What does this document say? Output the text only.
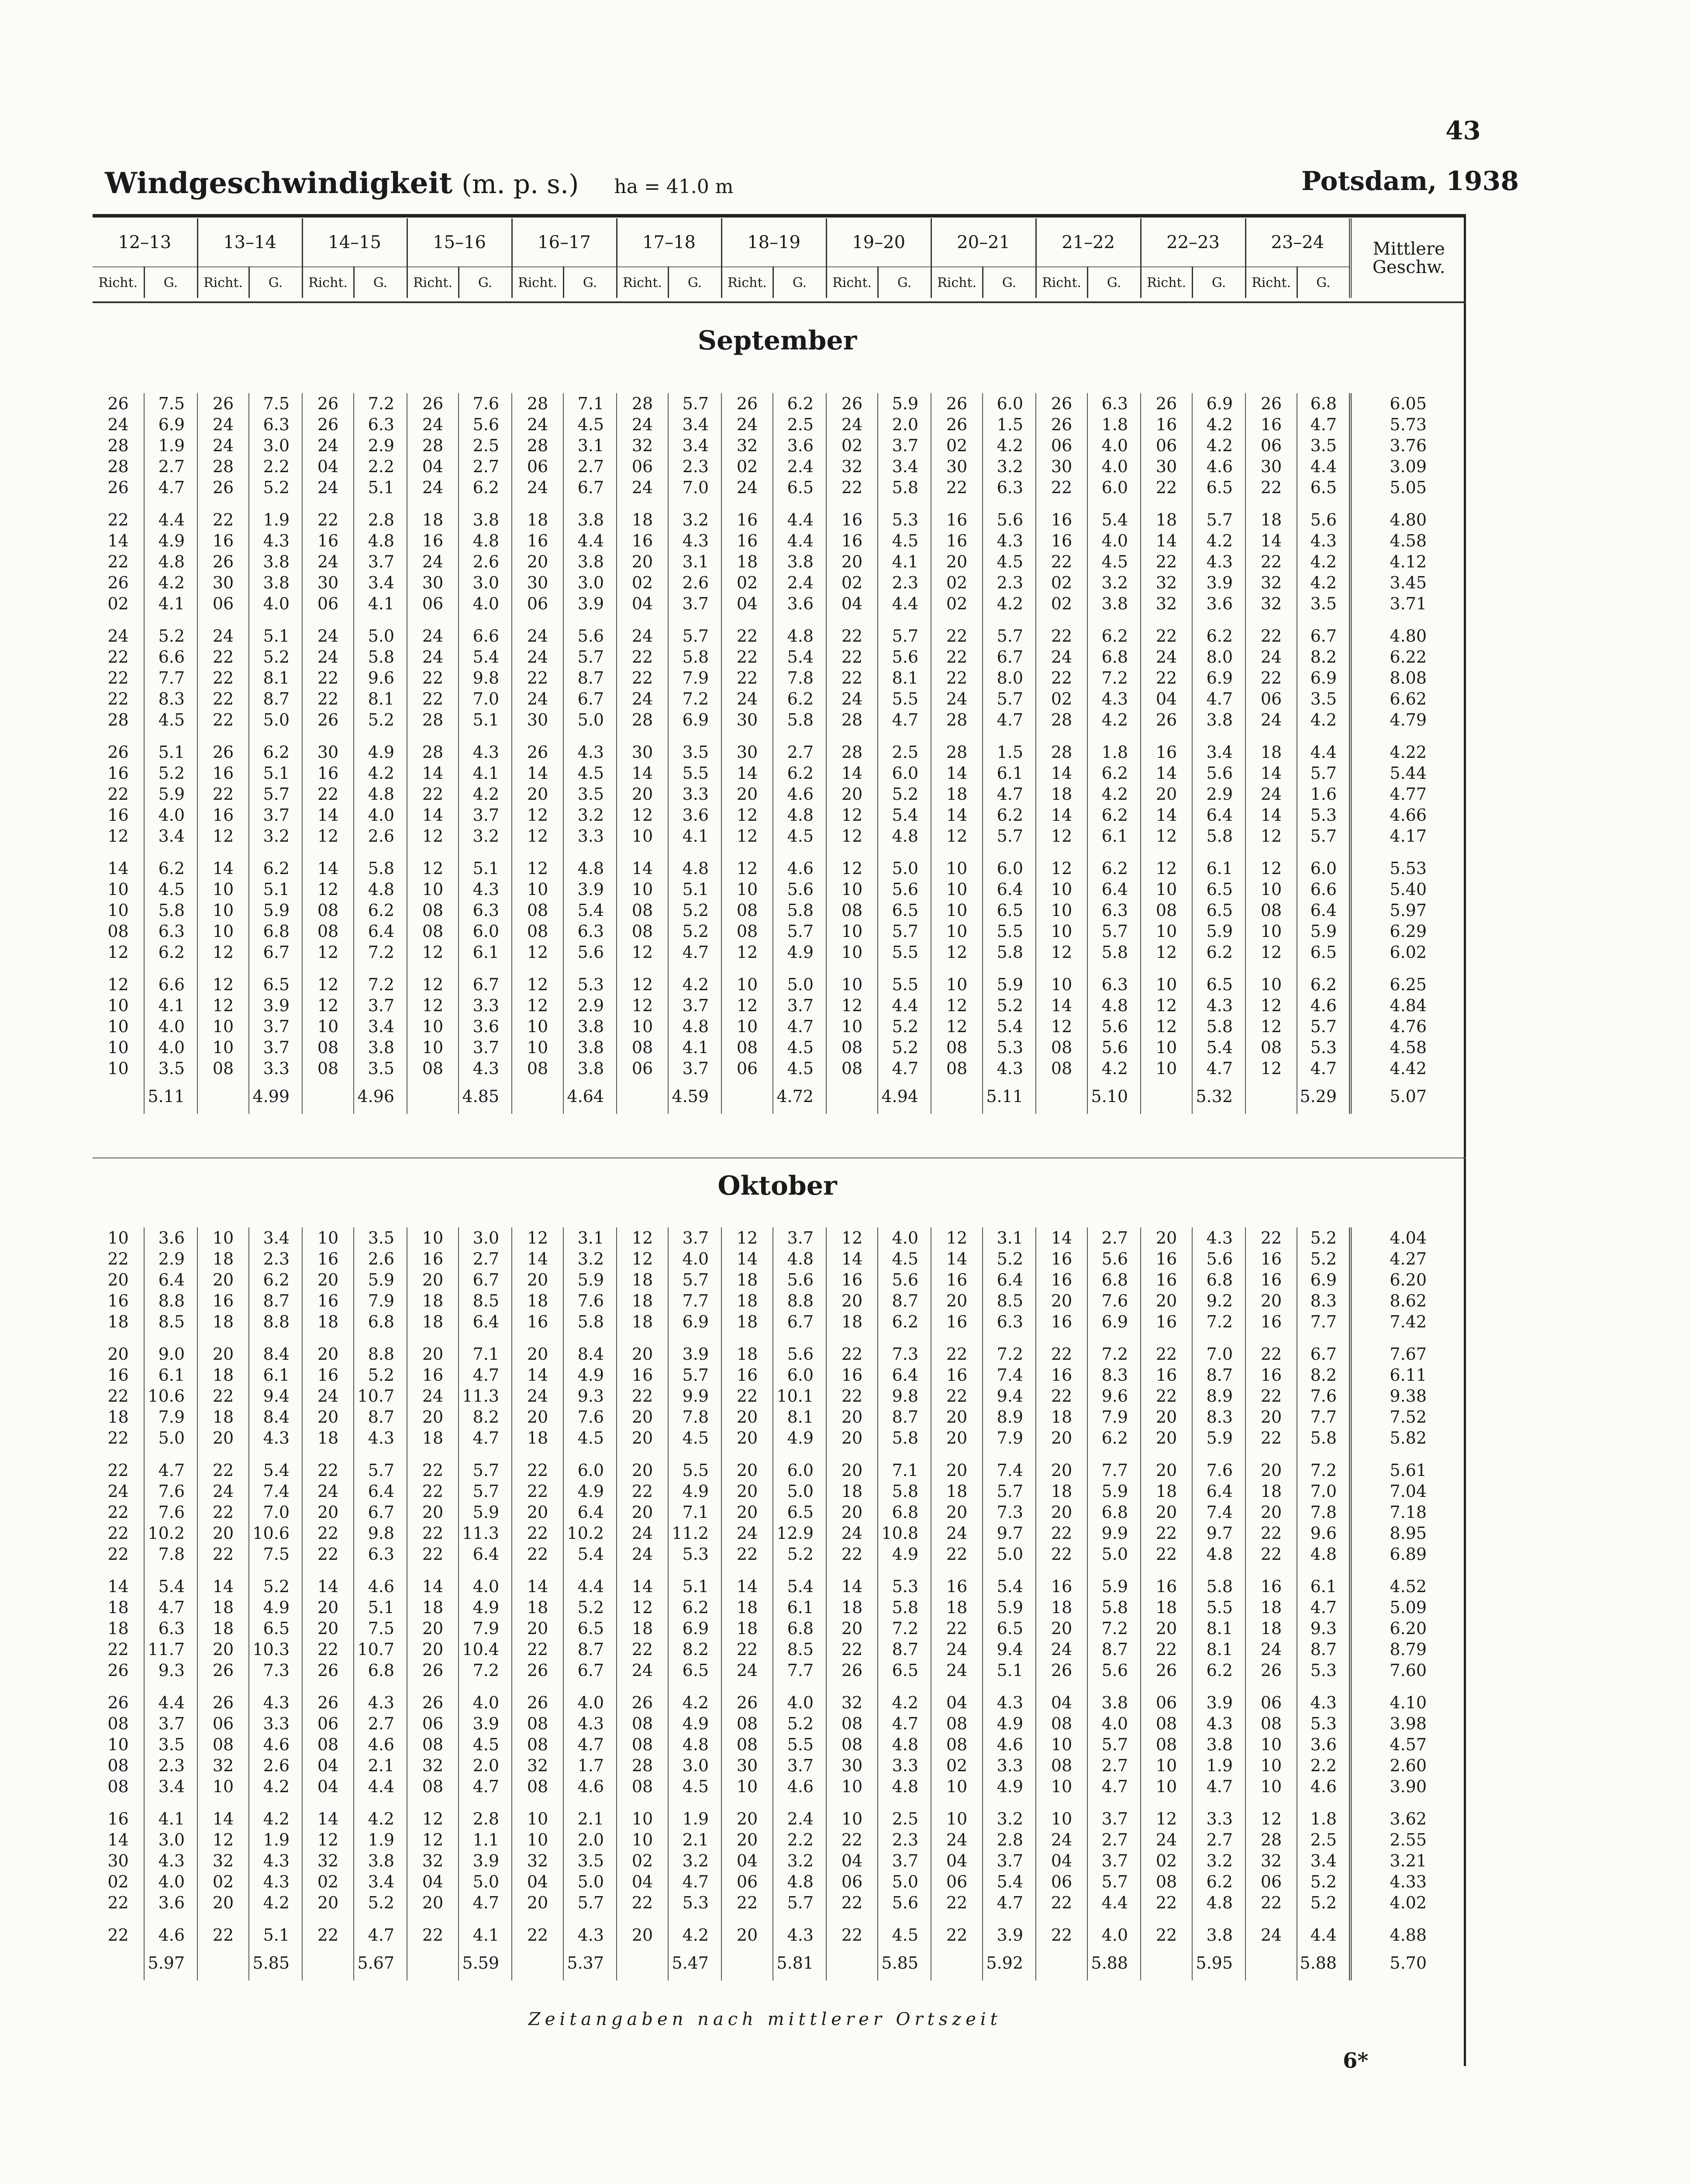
43
Windgeschwindigkeit (m. p. s.) ha = 41.0 m	Potsdam, 1938
12–13		13–14		14–15		15–16		16–17		17–18		18–19		19–20		20–21		21–22		22–23		23–24		Mittlere Geschw.
Richt.	G.	Richt.	G.	Richt.	G.	Richt.	G.	Richt.	G.	Richt.	G.	Richt.	G.	Richt.	G.	Richt.	G.	Richt.	G.	Richt.	G.	Richt.	G.	
September
26	7.5	26	7.5	26	7.2	26	7.6	28	7.1	28	5.7	26	6.2	26	5.9	26	6.0	26	6.3	26	6.9	26	6.8	6.05
24	6.9	24	6.3	26	6.3	24	5.6	24	4.5	24	3.4	24	2.5	24	2.0	26	1.5	26	1.8	16	4.2	16	4.7	5.73
28	1.9	24	3.0	24	2.9	28	2.5	28	3.1	32	3.4	32	3.6	02	3.7	02	4.2	06	4.0	06	4.2	06	3.5	3.76
28	2.7	28	2.2	04	2.2	04	2.7	06	2.7	06	2.3	02	2.4	32	3.4	30	3.2	30	4.0	30	4.6	30	4.4	3.09
26	4.7	26	5.2	24	5.1	24	6.2	24	6.7	24	7.0	24	6.5	22	5.8	22	6.3	22	6.0	22	6.5	22	6.5	5.05

22	4.4	22	1.9	22	2.8	18	3.8	18	3.8	18	3.2	16	4.4	16	5.3	16	5.6	16	5.4	18	5.7	18	5.6	4.80
14	4.9	16	4.3	16	4.8	16	4.8	16	4.4	16	4.3	16	4.4	16	4.5	16	4.3	16	4.0	14	4.2	14	4.3	4.58
22	4.8	26	3.8	24	3.7	24	2.6	20	3.8	20	3.1	18	3.8	20	4.1	20	4.5	22	4.5	22	4.3	22	4.2	4.12
26	4.2	30	3.8	30	3.4	30	3.0	30	3.0	02	2.6	02	2.4	02	2.3	02	2.3	02	3.2	32	3.9	32	4.2	3.45
02	4.1	06	4.0	06	4.1	06	4.0	06	3.9	04	3.7	04	3.6	04	4.4	02	4.2	02	3.8	32	3.6	32	3.5	3.71

24	5.2	24	5.1	24	5.0	24	6.6	24	5.6	24	5.7	22	4.8	22	5.7	22	5.7	22	6.2	22	6.2	22	6.7	4.80
22	6.6	22	5.2	24	5.8	24	5.4	24	5.7	22	5.8	22	5.4	22	5.6	22	6.7	24	6.8	24	8.0	24	8.2	6.22
22	7.7	22	8.1	22	9.6	22	9.8	22	8.7	22	7.9	22	7.8	22	8.1	22	8.0	22	7.2	22	6.9	22	6.9	8.08
22	8.3	22	8.7	22	8.1	22	7.0	24	6.7	24	7.2	24	6.2	24	5.5	24	5.7	02	4.3	04	4.7	06	3.5	6.62
28	4.5	22	5.0	26	5.2	28	5.1	30	5.0	28	6.9	30	5.8	28	4.7	28	4.7	28	4.2	26	3.8	24	4.2	4.79

26	5.1	26	6.2	30	4.9	28	4.3	26	4.3	30	3.5	30	2.7	28	2.5	28	1.5	28	1.8	16	3.4	18	4.4	4.22
16	5.2	16	5.1	16	4.2	14	4.1	14	4.5	14	5.5	14	6.2	14	6.0	14	6.1	14	6.2	14	5.6	14	5.7	5.44
22	5.9	22	5.7	22	4.8	22	4.2	20	3.5	20	3.3	20	4.6	20	5.2	18	4.7	18	4.2	20	2.9	24	1.6	4.77
16	4.0	16	3.7	14	4.0	14	3.7	12	3.2	12	3.6	12	4.8	12	5.4	14	6.2	14	6.2	14	6.4	14	5.3	4.66
12	3.4	12	3.2	12	2.6	12	3.2	12	3.3	10	4.1	12	4.5	12	4.8	12	5.7	12	6.1	12	5.8	12	5.7	4.17

14	6.2	14	6.2	14	5.8	12	5.1	12	4.8	14	4.8	12	4.6	12	5.0	10	6.0	12	6.2	12	6.1	12	6.0	5.53
10	4.5	10	5.1	12	4.8	10	4.3	10	3.9	10	5.1	10	5.6	10	5.6	10	6.4	10	6.4	10	6.5	10	6.6	5.40
10	5.8	10	5.9	08	6.2	08	6.3	08	5.4	08	5.2	08	5.8	08	6.5	10	6.5	10	6.3	08	6.5	08	6.4	5.97
08	6.3	10	6.8	08	6.4	08	6.0	08	6.3	08	5.2	08	5.7	10	5.7	10	5.5	10	5.7	10	5.9	10	5.9	6.29
12	6.2	12	6.7	12	7.2	12	6.1	12	5.6	12	4.7	12	4.9	10	5.5	12	5.8	12	5.8	12	6.2	12	6.5	6.02

12	6.6	12	6.5	12	7.2	12	6.7	12	5.3	12	4.2	10	5.0	10	5.5	10	5.9	10	6.3	10	6.5	10	6.2	6.25
10	4.1	12	3.9	12	3.7	12	3.3	12	2.9	12	3.7	12	3.7	12	4.4	12	5.2	14	4.8	12	4.3	12	4.6	4.84
10	4.0	10	3.7	10	3.4	10	3.6	10	3.8	10	4.8	10	4.7	10	5.2	12	5.4	12	5.6	12	5.8	12	5.7	4.76
10	4.0	10	3.7	08	3.8	10	3.7	10	3.8	08	4.1	08	4.5	08	5.2	08	5.3	08	5.6	10	5.4	08	5.3	4.58
10	3.5	08	3.3	08	3.5	08	4.3	08	3.8	06	3.7	06	4.5	08	4.7	08	4.3	08	4.2	10	4.7	12	4.7	4.42
	5.11		4.99		4.96		4.85		4.64		4.59		4.72		4.94		5.11		5.10		5.32		5.29	5.07
Oktober
10	3.6	10	3.4	10	3.5	10	3.0	12	3.1	12	3.7	12	3.7	12	4.0	12	3.1	14	2.7	20	4.3	22	5.2	4.04
22	2.9	18	2.3	16	2.6	16	2.7	14	3.2	12	4.0	14	4.8	14	4.5	14	5.2	16	5.6	16	5.6	16	5.2	4.27
20	6.4	20	6.2	20	5.9	20	6.7	20	5.9	18	5.7	18	5.6	16	5.6	16	6.4	16	6.8	16	6.8	16	6.9	6.20
16	8.8	16	8.7	16	7.9	18	8.5	18	7.6	18	7.7	18	8.8	20	8.7	20	8.5	20	7.6	20	9.2	20	8.3	8.62
18	8.5	18	8.8	18	6.8	18	6.4	16	5.8	18	6.9	18	6.7	18	6.2	16	6.3	16	6.9	16	7.2	16	7.7	7.42

20	9.0	20	8.4	20	8.8	20	7.1	20	8.4	20	3.9	18	5.6	22	7.3	22	7.2	22	7.2	22	7.0	22	6.7	7.67
16	6.1	18	6.1	16	5.2	16	4.7	14	4.9	16	5.7	16	6.0	16	6.4	16	7.4	16	8.3	16	8.7	16	8.2	6.11
22	10.6	22	9.4	24	10.7	24	11.3	24	9.3	22	9.9	22	10.1	22	9.8	22	9.4	22	9.6	22	8.9	22	7.6	9.38
18	7.9	18	8.4	20	8.7	20	8.2	20	7.6	20	7.8	20	8.1	20	8.7	20	8.9	18	7.9	20	8.3	20	7.7	7.52
22	5.0	20	4.3	18	4.3	18	4.7	18	4.5	20	4.5	20	4.9	20	5.8	20	7.9	20	6.2	20	5.9	22	5.8	5.82

22	4.7	22	5.4	22	5.7	22	5.7	22	6.0	20	5.5	20	6.0	20	7.1	20	7.4	20	7.7	20	7.6	20	7.2	5.61
24	7.6	24	7.4	24	6.4	22	5.7	22	4.9	22	4.9	20	5.0	18	5.8	18	5.7	18	5.9	18	6.4	18	7.0	7.04
22	7.6	22	7.0	20	6.7	20	5.9	20	6.4	20	7.1	20	6.5	20	6.8	20	7.3	20	6.8	20	7.4	20	7.8	7.18
22	10.2	20	10.6	22	9.8	22	11.3	22	10.2	24	11.2	24	12.9	24	10.8	24	9.7	22	9.9	22	9.7	22	9.6	8.95
22	7.8	22	7.5	22	6.3	22	6.4	22	5.4	24	5.3	22	5.2	22	4.9	22	5.0	22	5.0	22	4.8	22	4.8	6.89

14	5.4	14	5.2	14	4.6	14	4.0	14	4.4	14	5.1	14	5.4	14	5.3	16	5.4	16	5.9	16	5.8	16	6.1	4.52
18	4.7	18	4.9	20	5.1	18	4.9	18	5.2	12	6.2	18	6.1	18	5.8	18	5.9	18	5.8	18	5.5	18	4.7	5.09
18	6.3	18	6.5	20	7.5	20	7.9	20	6.5	18	6.9	18	6.8	20	7.2	22	6.5	20	7.2	20	8.1	18	9.3	6.20
22	11.7	20	10.3	22	10.7	20	10.4	22	8.7	22	8.2	22	8.5	22	8.7	24	9.4	24	8.7	22	8.1	24	8.7	8.79
26	9.3	26	7.3	26	6.8	26	7.2	26	6.7	24	6.5	24	7.7	26	6.5	24	5.1	26	5.6	26	6.2	26	5.3	7.60

26	4.4	26	4.3	26	4.3	26	4.0	26	4.0	26	4.2	26	4.0	32	4.2	04	4.3	04	3.8	06	3.9	06	4.3	4.10
08	3.7	06	3.3	06	2.7	06	3.9	08	4.3	08	4.9	08	5.2	08	4.7	08	4.9	08	4.0	08	4.3	08	5.3	3.98
10	3.5	08	4.6	08	4.6	08	4.5	08	4.7	08	4.8	08	5.5	08	4.8	08	4.6	10	5.7	08	3.8	10	3.6	4.57
08	2.3	32	2.6	04	2.1	32	2.0	32	1.7	28	3.0	30	3.7	30	3.3	02	3.3	08	2.7	10	1.9	10	2.2	2.60
08	3.4	10	4.2	04	4.4	08	4.7	08	4.6	08	4.5	10	4.6	10	4.8	10	4.9	10	4.7	10	4.7	10	4.6	3.90

16	4.1	14	4.2	14	4.2	12	2.8	10	2.1	10	1.9	20	2.4	10	2.5	10	3.2	10	3.7	12	3.3	12	1.8	3.62
14	3.0	12	1.9	12	1.9	12	1.1	10	2.0	10	2.1	20	2.2	22	2.3	24	2.8	24	2.7	24	2.7	28	2.5	2.55
30	4.3	32	4.3	32	3.8	32	3.9	32	3.5	02	3.2	04	3.2	04	3.7	04	3.7	04	3.7	02	3.2	32	3.4	3.21
02	4.0	02	4.3	02	3.4	04	5.0	04	5.0	04	4.7	06	4.8	06	5.0	06	5.4	06	5.7	08	6.2	06	5.2	4.33
22	3.6	20	4.2	20	5.2	20	4.7	20	5.7	22	5.3	22	5.7	22	5.6	22	4.7	22	4.4	22	4.8	22	5.2	4.02

22	4.6	22	5.1	22	4.7	22	4.1	22	4.3	20	4.2	20	4.3	22	4.5	22	3.9	22	4.0	22	3.8	24	4.4	4.88
	5.97		5.85		5.67		5.59		5.37		5.47		5.81		5.85		5.92		5.88		5.95		5.88	5.70
Zeitangaben nach mittlerer Ortszeit
6*
